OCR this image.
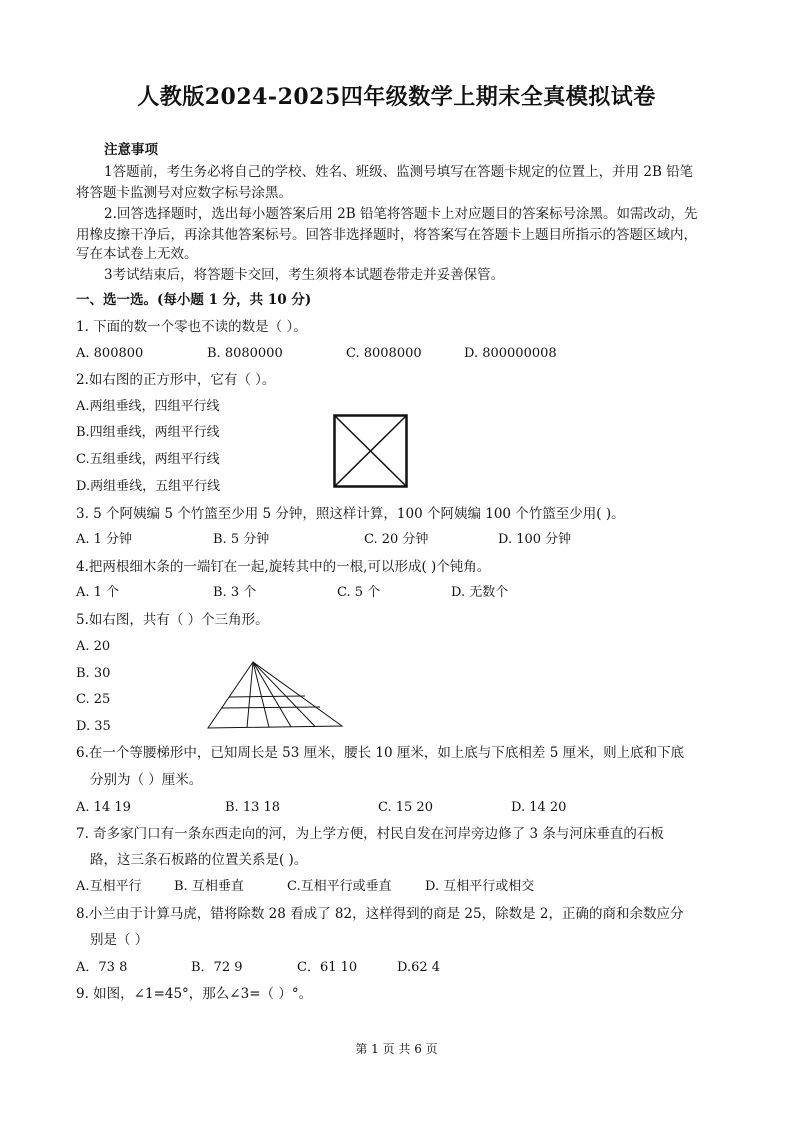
人教版2024-2025四年级数学上期末全真模拟试卷
注意事项
1答题前，考生务必将自己的学校、姓名、班级、监测号填写在答题卡规定的位置上，并用 2B 铅笔
将答题卡监测号对应数字标号涂黑。
2.回答选择题时，选出每小题答案后用 2B 铅笔将答题卡上对应题目的答案标号涂黑。如需改动，先
用橡皮擦干净后，再涂其他答案标号。回答非选择题时，将答案写在答题卡上题目所指示的答题区域内，
写在本试卷上无效。
3考试结束后，将答题卡交回，考生须将本试题卷带走并妥善保管。
一、选一选。(每小题 1 分，共 10 分)
1. 下面的数一个零也不读的数是（ ）。
A. 800800	B. 8080000	C. 8008000	D. 800000008
2.如右图的正方形中，它有（ ）。
A.两组垂线，四组平行线
B.四组垂线，两组平行线
C.五组垂线，两组平行线
D.两组垂线，五组平行线
3. 5 个阿姨编 5 个竹篮至少用 5 分钟，照这样计算，100 个阿姨编 100 个竹篮至少用( )。
A. 1 分钟	B. 5 分钟	C. 20 分钟	D. 100 分钟
4.把两根细木条的一端钉在一起,旋转其中的一根,可以形成( )个钝角。
A. 1 个	B. 3 个	C. 5 个	D. 无数个
5.如右图，共有（ ）个三角形。
A. 20
B. 30
C. 25
D. 35
6.在一个等腰梯形中，已知周长是 53 厘米，腰长 10 厘米，如上底与下底相差 5 厘米，则上底和下底
分别为（ ）厘米。
A. 14 19	B. 13 18	C. 15 20	D. 14 20
7. 奇多家门口有一条东西走向的河，为上学方便，村民自发在河岸旁边修了 3 条与河床垂直的石板
路，这三条石板路的位置关系是( )。
A.互相平行 B. 互相垂直	C.互相平行或垂直	D. 互相平行或相交
8.小兰由于计算马虎，错将除数 28 看成了 82，这样得到的商是 25，除数是 2，正确的商和余数应分
别是（ ）
A．73 8	B．72 9	C．61 10	D.62 4
9. 如图，∠1=45°，那么∠3=（ ）°。
第 1 页 共 6 页
